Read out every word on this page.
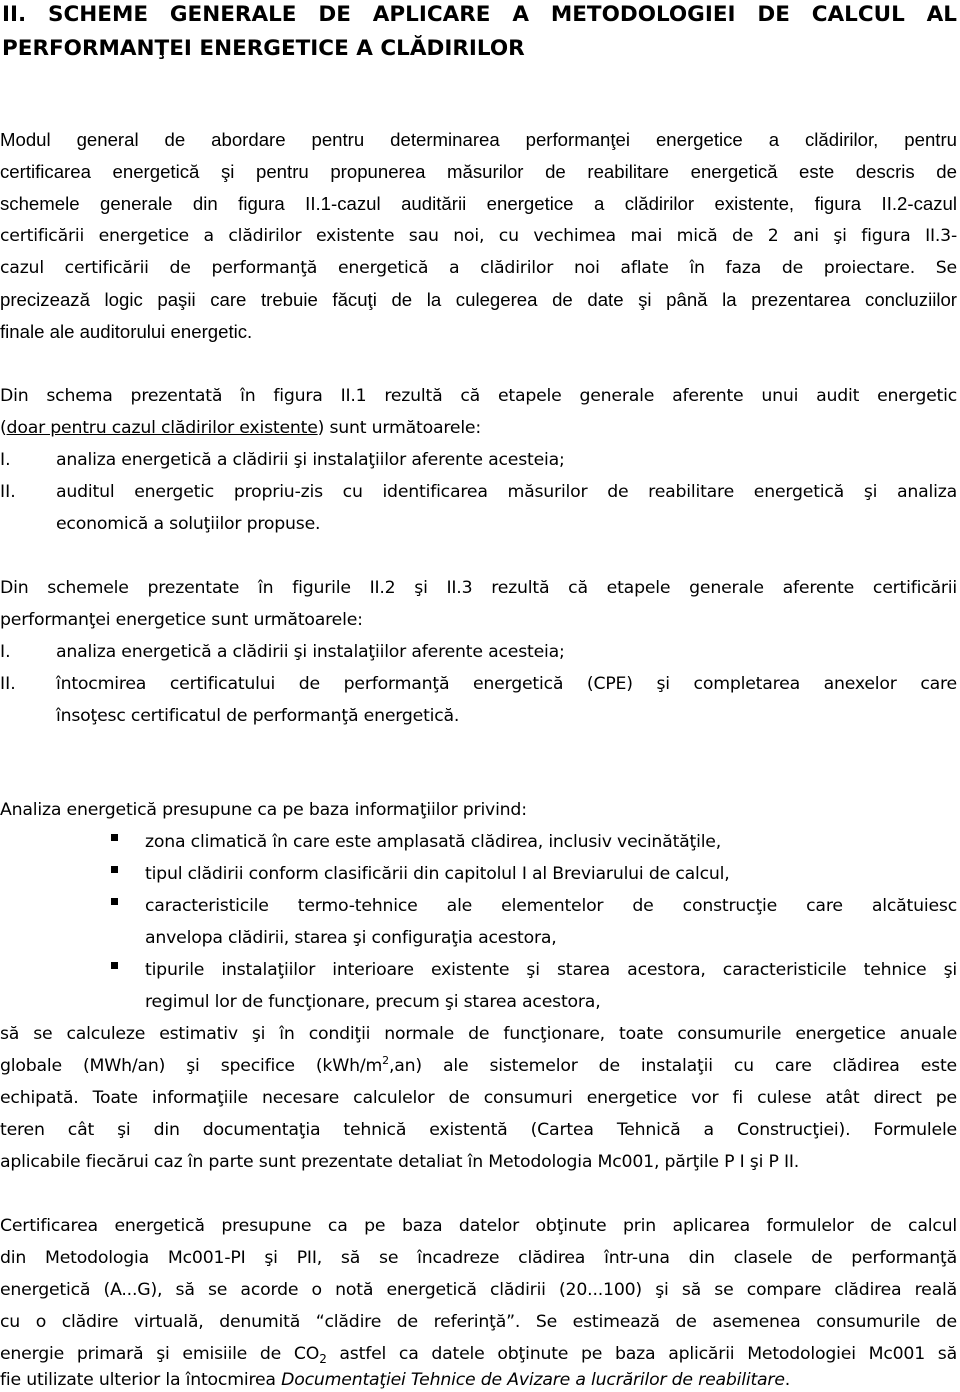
II. SCHEME GENERALE DE APLICARE A METODOLOGIEI DE CALCUL AL PERFORMANŢEI ENERGETICE A CLĂDIRILOR
Modul general de abordare pentru determinarea performanţei energetice a clădirilor, pentru
certificarea energetică şi pentru propunerea măsurilor de reabilitare energetică este descris de
schemele generale din figura II.1-cazul auditării energetice a clădirilor existente, figura II.2-cazul
certificării energetice a clădirilor existente sau noi, cu vechimea mai mică de 2 ani şi figura II.3-
cazul certificării de performanţă energetică a clădirilor noi aflate în faza de proiectare. Se
precizează logic paşii care trebuie făcuţi de la culegerea de date şi până la prezentarea concluziilor
finale ale auditorului energetic.
Din schema prezentată în figura II.1 rezultă că etapele generale aferente unui audit energetic
(doar pentru cazul clădirilor existente) sunt următoarele:
I.	analiza energetică a clădirii şi instalaţiilor aferente acesteia;
II. auditul energetic propriu-zis cu identificarea măsurilor de reabilitare energetică şi analiza
economică a soluţiilor propuse.
Din schemele prezentate în figurile II.2 şi II.3 rezultă că etapele generale aferente certificării
performanţei energetice sunt următoarele:
I.	analiza energetică a clădirii şi instalaţiilor aferente acesteia;
II. întocmirea certificatului de performanţă energetică (CPE) şi completarea anexelor care
însoţesc certificatul de performanţă energetică.
Analiza energetică presupune ca pe baza informaţiilor privind:
zona climatică în care este amplasată clădirea, inclusiv vecinătăţile,
tipul clădirii conform clasificării din capitolul I al Breviarului de calcul,
caracteristicile termo-tehnice ale elementelor de construcţie care alcătuiesc
anvelopa clădirii, starea şi configuraţia acestora,
tipurile instalaţiilor interioare existente şi starea acestora, caracteristicile tehnice şi
regimul lor de funcţionare, precum şi starea acestora,
să se calculeze estimativ şi în condiţii normale de funcţionare, toate consumurile energetice anuale
globale (MWh/an) şi specifice $(kWh/m^2,an)$ ale sistemelor de instalaţii cu care clădirea este
echipată. Toate informaţiile necesare calculelor de consumuri energetice vor fi culese atât direct pe
teren cât şi din documentaţia tehnică existentă (Cartea Tehnică a Construcţiei). Formulele
aplicabile fiecărui caz în parte sunt prezentate detaliat în Metodologia Mc001, părţile P I şi P II.
Certificarea energetică presupune ca pe baza datelor obţinute prin aplicarea formulelor de calcul
din Metodologia Mc001-PI şi PII, să se încadreze clădirea într-una din clasele de performanţă
energetică (A...G), să se acorde o notă energetică clădirii (20...100) şi să se compare clădirea reală
cu o clădire virtuală, denumită “clădire de referinţă”. Se estimează de asemenea consumurile de
energie primară şi emisiile de $CO_2$ astfel ca datele obţinute pe baza aplicării Metodologiei Mc001 să
fie utilizate ulterior la întocmirea Documentaţiei Tehnice de Avizare a lucrărilor de reabilitare.
